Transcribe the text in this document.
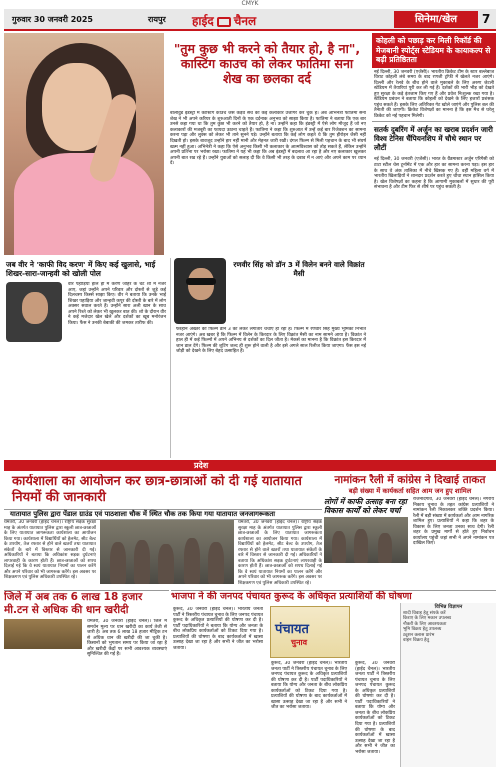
CMYK
गुरुवार 30 जनवरी 2025	रायपुर हाईद चैनल	सिनेमा/खेल	7
"तुम कुछ भी करने को तैयार हो, है ना", कास्टिंग काउच को लेकर फातिमा सना शेख का छलका दर्द
बॉलीवुड इंडस्ट्री में कास्टिंग काउच जैसे कड़वे सच को कई कलाकार उजागर कर चुके हैं। अब अभिनेत्री फातिमा सना शेख ने भी अपने करियर के शुरुआती दिनों के एक दर्दनाक अनुभव को साझा किया है। फातिमा ने बताया कि एक बार उनसे कहा गया था कि तुम कुछ भी करने को तैयार हो, है ना। उन्होंने कहा कि इंडस्ट्री में ऐसे लोग मौजूद हैं जो नए कलाकारों की मजबूरी का फायदा उठाना चाहते हैं। फातिमा ने कहा कि शुरुआत में उन्हें कई बार रिजेक्शन का सामना करना पड़ा और लुक्स को लेकर भी ताने सुनने पड़े। उन्होंने बताया कि कई लोग कहते थे कि तुम हीरोइन जैसी नहीं दिखती हो। इसके बावजूद उन्होंने हार नहीं मानी और मेहनत जारी रखी। दंगल फिल्म से मिली पहचान के बाद भी संघर्ष खत्म नहीं हुआ। अभिनेत्री ने कहा कि ऐसे अनुभव किसी भी कलाकार के आत्मविश्वास को तोड़ सकते हैं, लेकिन उन्होंने अपनी प्रतिभा पर भरोसा रखा। फातिमा ने यह भी कहा कि अब इंडस्ट्री में बदलाव आ रहा है और नए कलाकार खुलकर अपनी बात रख रहे हैं। उन्होंने युवाओं को सलाह दी कि वे किसी भी तरह के दबाव में न आएं और अपने काम पर ध्यान दें।
कोहली को पछाड़ कर मिली रिकॉर्ड की मेजबानी स्पोर्ट्स स्टेडियम के कायाकल्प से बढ़ी प्रतिष्ठितता
नई दिल्ली, 30 जनवरी (एजेंसी)। भारतीय क्रिकेट टीम के स्टार बल्लेबाज विराट कोहली लंबे समय के बाद रणजी ट्रॉफी में खेलते नजर आएंगे। दिल्ली और रेलवे के बीच होने वाले मुकाबले के लिए अरुण जेटली स्टेडियम में तैयारियां पूरी कर ली गई हैं। दर्शकों की भारी भीड़ को देखते हुए सुरक्षा के कड़े इंतजाम किए गए हैं और प्रवेश निःशुल्क रखा गया है। स्टेडियम प्रबंधन ने बताया कि कोहली को देखने के लिए हजारों प्रशंसक पहुंच सकते हैं। इसके लिए अतिरिक्त गेट खोले जाएंगे और पुलिस बल की तैनाती की जाएगी। क्रिकेट विशेषज्ञों का मानना है कि इस मैच से घरेलू क्रिकेट को नई पहचान मिलेगी।
सतर्क दुबरिंग में अर्जुन का खराब प्रदर्शन जारी विश्व टेनिस चैंपियनशिप में चौथे स्थान पर लौटीं
नई दिल्ली, 30 जनवरी (एजेंसी)। भारत के ग्रैंडमास्टर अर्जुन एरिगैसी को टाटा स्टील चेस टूर्नामेंट में एक और हार का सामना करना पड़ा। इस हार के साथ वे अंक तालिका में नीचे खिसक गए हैं। वहीं महिला वर्ग में भारतीय खिलाड़ियों ने शानदार प्रदर्शन करते हुए चौथा स्थान हासिल किया है। खेल विशेषज्ञों का कहना है कि आगामी मुकाबलों में सुधार की पूरी संभावना है और टीम फिर से शीर्ष पर पहुंच सकती है।
जब वीर ने 'काफी विद करण' में किए कई खुलासे, भाई शिखर-सारा-जान्हवी को खोली पोल
वीर पहाड़िया हाल ही में करण जौहर के चैट शो में नजर आए, जहां उन्होंने अपने परिवार और दोस्तों से जुड़े कई दिलचस्प किस्से साझा किए। वीर ने बताया कि उनके भाई शिखर पहाड़िया और जान्हवी कपूर की दोस्ती के बारे में लोग अक्सर सवाल करते हैं। उन्होंने सारा अली खान के साथ अपने रिश्ते को लेकर भी खुलकर बात की। शो के दौरान वीर ने कई मजेदार खेल खेले और दर्शकों का खूब मनोरंजन किया। फैंस ने उनकी बेबाकी की जमकर तारीफ की।
रणवीर सिंह को डॉन 3 में विलेन बनने वाले विक्रांत मैसी
फरहान अख्तर की फिल्म डॉन 3 को लेकर लगातार चर्चाएं हो रही हैं। फिल्म में रणवीर सिंह मुख्य भूमिका निभाते नजर आएंगे। अब खबर है कि फिल्म में विलेन के किरदार के लिए विक्रांत मैसी का नाम सामने आया है। विक्रांत ने हाल ही में कई फिल्मों में अपने अभिनय से दर्शकों का दिल जीता है। मेकर्स का मानना है कि विक्रांत इस किरदार में जान डाल देंगे। फिल्म की शूटिंग जल्द ही शुरू होने वाली है और इसे अगले साल रिलीज किया जाएगा। फैंस इस नई जोड़ी को देखने के लिए बेहद उत्साहित हैं।
प्रदेश
कार्यशाला का आयोजन कर छात्र-छात्राओं को दी गई यातायात नियमों की जानकारी
यातायात पुलिस द्वारा पेंडाल ग्राउंड एवं पाठशाला चौक में स्थित चौक तक किया गया यातायात जनजागरूकता
धमतरी, 30 जनवरी (हाईद चैनल)। राष्ट्रीय सड़क सुरक्षा माह के अंतर्गत यातायात पुलिस द्वारा स्कूली छात्र-छात्राओं के लिए यातायात जागरूकता कार्यशाला का आयोजन किया गया। कार्यशाला में विद्यार्थियों को हेलमेट, सीट बेल्ट के उपयोग, तेज रफ्तार से होने वाले खतरों तथा यातायात संकेतों के बारे में विस्तार से जानकारी दी गई। अधिकारियों ने बताया कि अधिकांश सड़क दुर्घटनाएं लापरवाही के कारण होती हैं। छात्र-छात्राओं को शपथ दिलाई गई कि वे स्वयं यातायात नियमों का पालन करेंगे और अपने परिवार को भी जागरूक करेंगे। इस अवसर पर शिक्षकगण एवं पुलिस अधिकारी उपस्थित रहे।
धमतरी, 30 जनवरी (हाईद चैनल)। राष्ट्रीय सड़क सुरक्षा माह के अंतर्गत यातायात पुलिस द्वारा स्कूली छात्र-छात्राओं के लिए यातायात जागरूकता कार्यशाला का आयोजन किया गया। कार्यशाला में विद्यार्थियों को हेलमेट, सीट बेल्ट के उपयोग, तेज रफ्तार से होने वाले खतरों तथा यातायात संकेतों के बारे में विस्तार से जानकारी दी गई। अधिकारियों ने बताया कि अधिकांश सड़क दुर्घटनाएं लापरवाही के कारण होती हैं। छात्र-छात्राओं को शपथ दिलाई गई कि वे स्वयं यातायात नियमों का पालन करेंगे और अपने परिवार को भी जागरूक करेंगे। इस अवसर पर शिक्षकगण एवं पुलिस अधिकारी उपस्थित रहे।
नामांकन रैली में कांग्रेस ने दिखाई ताकत
बड़ी संख्या में कार्यकर्ता सहित आम जन हुए शामिल
लोगों में काफी उत्साह बना रहा विकास कार्यों को लेकर चर्चा
राजनांदगांव, 30 जनवरी (हाईद चैनल)। नगरीय निकाय चुनाव के तहत कांग्रेस प्रत्याशियों ने नामांकन रैली निकालकर शक्ति प्रदर्शन किया। रैली में बड़ी संख्या में कार्यकर्ता और आम नागरिक शामिल हुए। प्रत्याशियों ने कहा कि शहर के विकास के लिए जनता उनका साथ देगी। रैली शहर के प्रमुख मार्गों से होते हुए निर्वाचन कार्यालय पहुंची जहां सभी ने अपने नामांकन पत्र दाखिल किए।
जिले में अब तक 6 लाख 18 हजार मी.टन से अधिक की धान खरीदी
धमतरी, 30 जनवरी (हाईद चैनल)। जिले में समर्थन मूल्य पर धान खरीदी का कार्य तेजी से जारी है। अब तक 6 लाख 18 हजार मीट्रिक टन से अधिक धान की खरीदी की जा चुकी है। किसानों को भुगतान समय पर किया जा रहा है और खरीदी केंद्रों पर सभी आवश्यक व्यवस्थाएं सुनिश्चित की गई हैं।
भाजपा ने की जनपद पंचायत कुरूद के अधिकृत प्रत्याशियों की घोषणा
कुरूद, 30 जनवरी (हाईद चैनल)। भारतीय जनता पार्टी ने त्रिस्तरीय पंचायत चुनाव के लिए जनपद पंचायत कुरूद के अधिकृत प्रत्याशियों की घोषणा कर दी है। पार्टी पदाधिकारियों ने बताया कि योग्य और जनता के बीच लोकप्रिय कार्यकर्ताओं को टिकट दिया गया है। प्रत्याशियों की घोषणा के बाद कार्यकर्ताओं में खासा उत्साह देखा जा रहा है और सभी ने जीत का भरोसा जताया।
कुरूद, 30 जनवरी (हाईद चैनल)। भारतीय जनता पार्टी ने त्रिस्तरीय पंचायत चुनाव के लिए जनपद पंचायत कुरूद के अधिकृत प्रत्याशियों की घोषणा कर दी है। पार्टी पदाधिकारियों ने बताया कि योग्य और जनता के बीच लोकप्रिय कार्यकर्ताओं को टिकट दिया गया है। प्रत्याशियों की घोषणा के बाद कार्यकर्ताओं में खासा उत्साह देखा जा रहा है और सभी ने जीत का भरोसा जताया।
कुरूद, 30 जनवरी (हाईद चैनल)। भारतीय जनता पार्टी ने त्रिस्तरीय पंचायत चुनाव के लिए जनपद पंचायत कुरूद के अधिकृत प्रत्याशियों की घोषणा कर दी है। पार्टी पदाधिकारियों ने बताया कि योग्य और जनता के बीच लोकप्रिय कार्यकर्ताओं को टिकट दिया गया है। प्रत्याशियों की घोषणा के बाद कार्यकर्ताओं में खासा उत्साह देखा जा रहा है और सभी ने जीत का भरोसा जताया।
पंचायत
चुनाव
विभिन्न विज्ञापन
शादी विवाह हेतु संपर्क करें
किराए के लिए मकान उपलब्ध
नौकरी के लिए आवश्यकता
भूमि विक्रय हेतु उपलब्ध
ट्यूशन क्लास प्रारंभ
वाहन विक्रय हेतु
